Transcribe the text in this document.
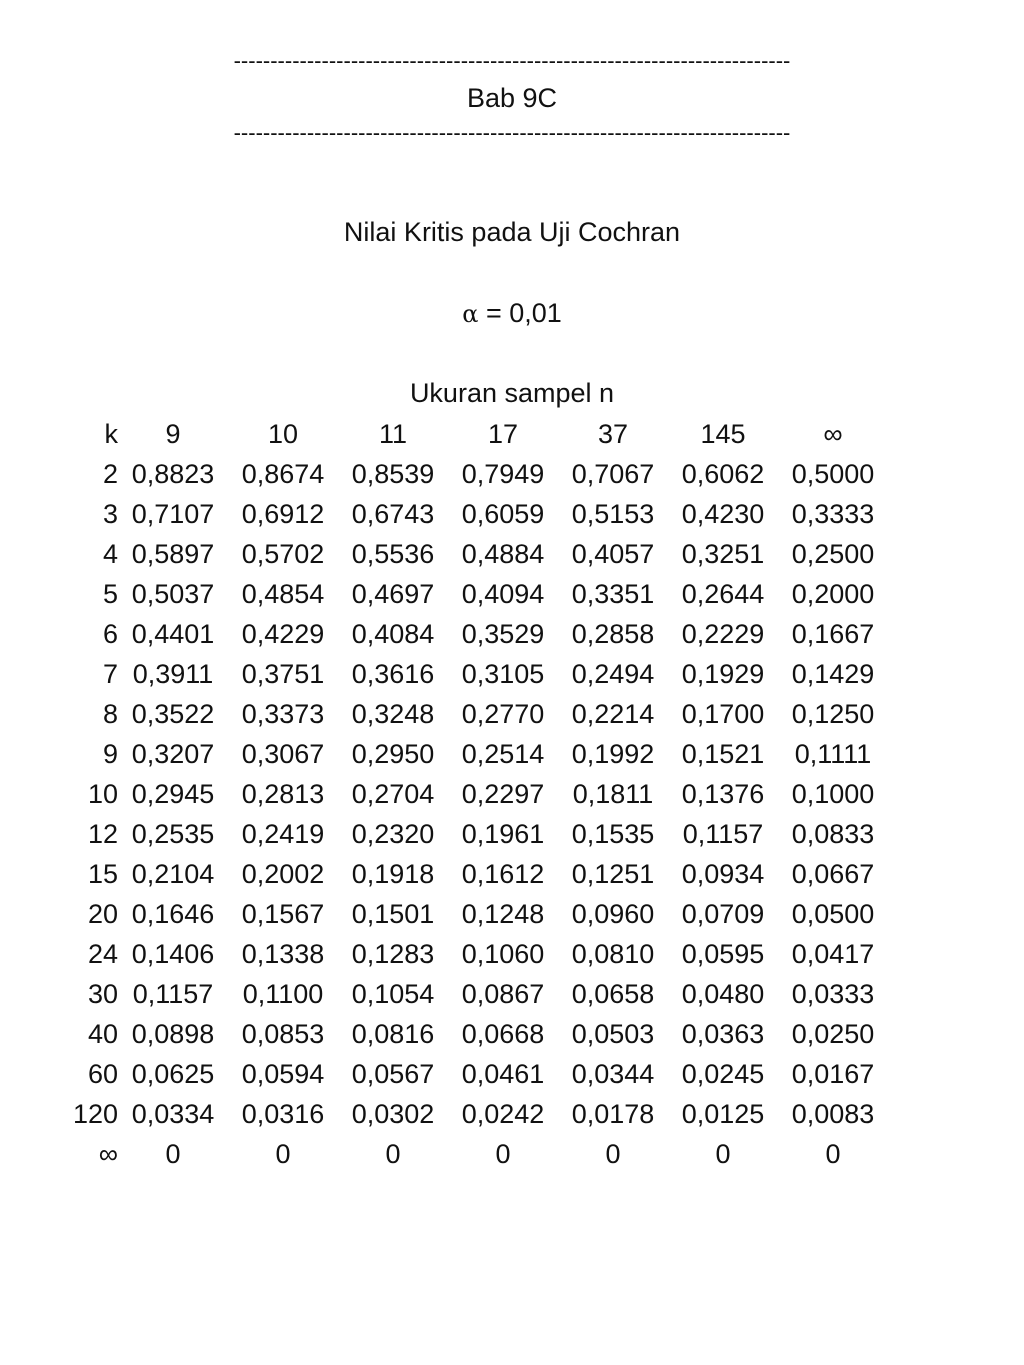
----------------------------------------------------------------------------
Bab 9C
----------------------------------------------------------------------------
Nilai Kritis pada Uji Cochran
α = 0,01
Ukuran sampel n
k	9	10	11	17	37	145	∞
2	0,8823	0,8674	0,8539	0,7949	0,7067	0,6062	0,5000
3	0,7107	0,6912	0,6743	0,6059	0,5153	0,4230	0,3333
4	0,5897	0,5702	0,5536	0,4884	0,4057	0,3251	0,2500
5	0,5037	0,4854	0,4697	0,4094	0,3351	0,2644	0,2000
6	0,4401	0,4229	0,4084	0,3529	0,2858	0,2229	0,1667
7	0,3911	0,3751	0,3616	0,3105	0,2494	0,1929	0,1429
8	0,3522	0,3373	0,3248	0,2770	0,2214	0,1700	0,1250
9	0,3207	0,3067	0,2950	0,2514	0,1992	0,1521	0,1111
10	0,2945	0,2813	0,2704	0,2297	0,1811	0,1376	0,1000
12	0,2535	0,2419	0,2320	0,1961	0,1535	0,1157	0,0833
15	0,2104	0,2002	0,1918	0,1612	0,1251	0,0934	0,0667
20	0,1646	0,1567	0,1501	0,1248	0,0960	0,0709	0,0500
24	0,1406	0,1338	0,1283	0,1060	0,0810	0,0595	0,0417
30	0,1157	0,1100	0,1054	0,0867	0,0658	0,0480	0,0333
40	0,0898	0,0853	0,0816	0,0668	0,0503	0,0363	0,0250
60	0,0625	0,0594	0,0567	0,0461	0,0344	0,0245	0,0167
120	0,0334	0,0316	0,0302	0,0242	0,0178	0,0125	0,0083
∞	0	0	0	0	0	0	0
